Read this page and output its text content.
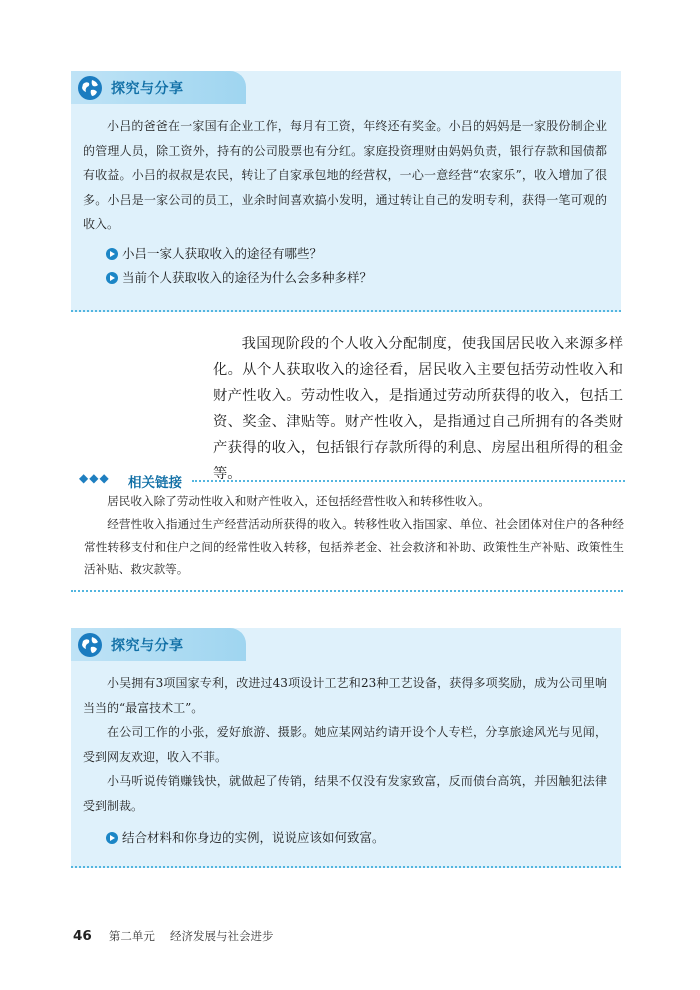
探究与分享

小吕的爸爸在一家国有企业工作，每月有工资，年终还有奖金。小吕的妈妈是一家股份制企业的管理人员，除工资外，持有的公司股票也有分红。家庭投资理财由妈妈负责，银行存款和国债都有收益。小吕的叔叔是农民，转让了自家承包地的经营权，一心一意经营“农家乐”，收入增加了很多。小吕是一家公司的员工，业余时间喜欢搞小发明，通过转让自己的发明专利，获得一笔可观的收入。

小吕一家人获取收入的途径有哪些？
当前个人获取收入的途径为什么会多种多样？

我国现阶段的个人收入分配制度，使我国居民收入来源多样化。从个人获取收入的途径看，居民收入主要包括劳动性收入和财产性收入。劳动性收入，是指通过劳动所获得的收入，包括工资、奖金、津贴等。财产性收入，是指通过自己所拥有的各类财产获得的收入，包括银行存款所得的利息、房屋出租所得的租金等。

◆◆◆ 相关链接

居民收入除了劳动性收入和财产性收入，还包括经营性收入和转移性收入。

经营性收入指通过生产经营活动所获得的收入。转移性收入指国家、单位、社会团体对住户的各种经常性转移支付和住户之间的经常性收入转移，包括养老金、社会救济和补助、政策性生产补贴、政策性生活补贴、救灾款等。

探究与分享

小吴拥有3项国家专利，改进过43项设计工艺和23种工艺设备，获得多项奖励，成为公司里响当当的“最富技术工”。

在公司工作的小张，爱好旅游、摄影。她应某网站约请开设个人专栏，分享旅途风光与见闻，受到网友欢迎，收入不菲。

小马听说传销赚钱快，就做起了传销，结果不仅没有发家致富，反而债台高筑，并因触犯法律受到制裁。

结合材料和你身边的实例，说说应该如何致富。
46 第二单元 经济发展与社会进步
